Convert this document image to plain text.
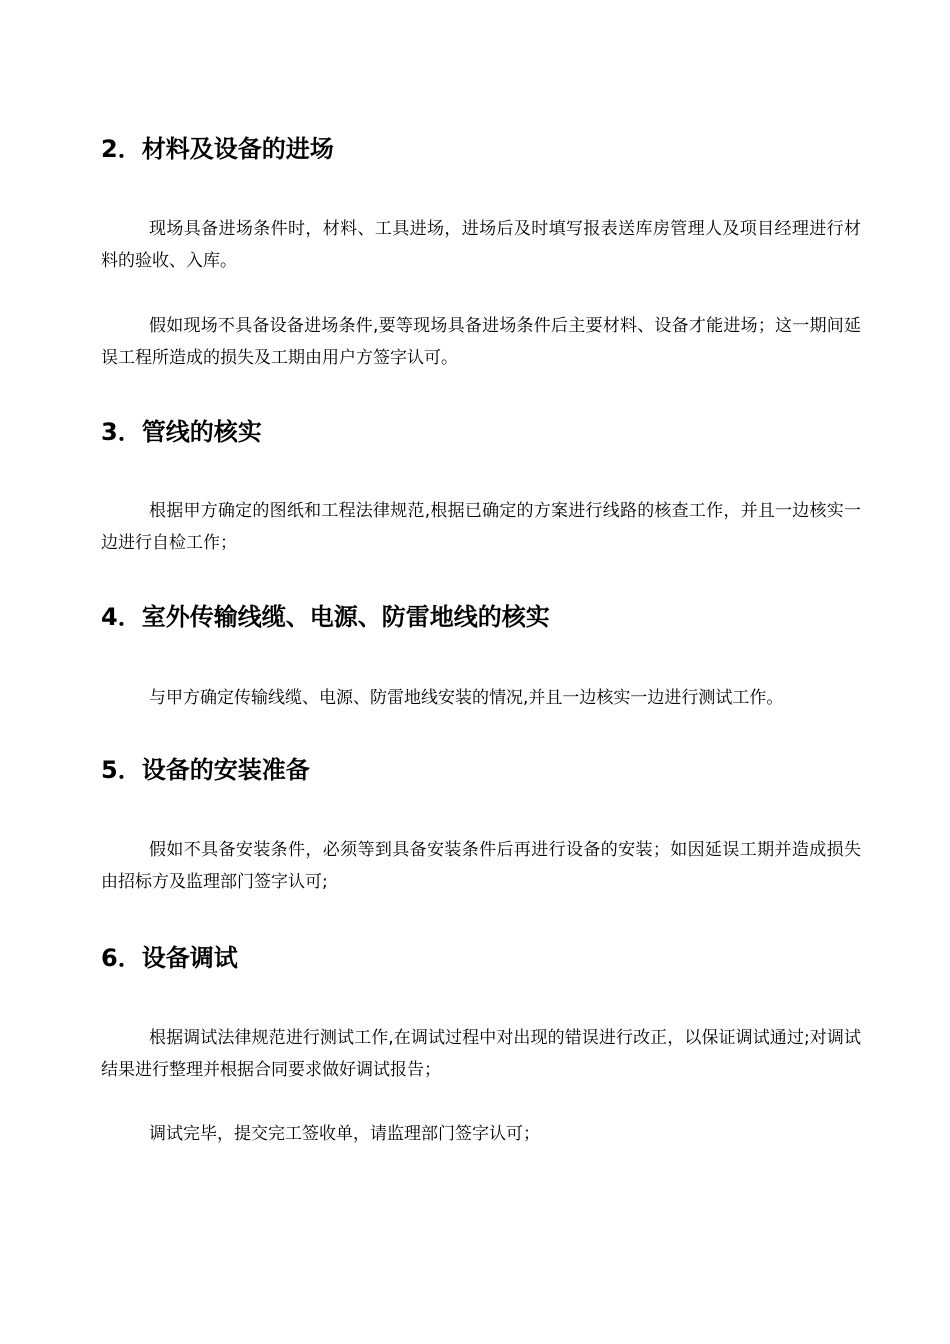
2．材料及设备的进场

现场具备进场条件时，材料、工具进场，进场后及时填写报表送库房管理人及项目经理进行材料的验收、入库。

假如现场不具备设备进场条件,要等现场具备进场条件后主要材料、设备才能进场；这一期间延误工程所造成的损失及工期由用户方签字认可。

3．管线的核实

根据甲方确定的图纸和工程法律规范,根据已确定的方案进行线路的核查工作，并且一边核实一边进行自检工作；

4．室外传输线缆、电源、防雷地线的核实

与甲方确定传输线缆、电源、防雷地线安装的情况,并且一边核实一边进行测试工作。

5．设备的安装准备

假如不具备安装条件，必须等到具备安装条件后再进行设备的安装；如因延误工期并造成损失由招标方及监理部门签字认可;

6．设备调试

根据调试法律规范进行测试工作,在调试过程中对出现的错误进行改正，以保证调试通过;对调试结果进行整理并根据合同要求做好调试报告；

调试完毕，提交完工签收单，请监理部门签字认可；
